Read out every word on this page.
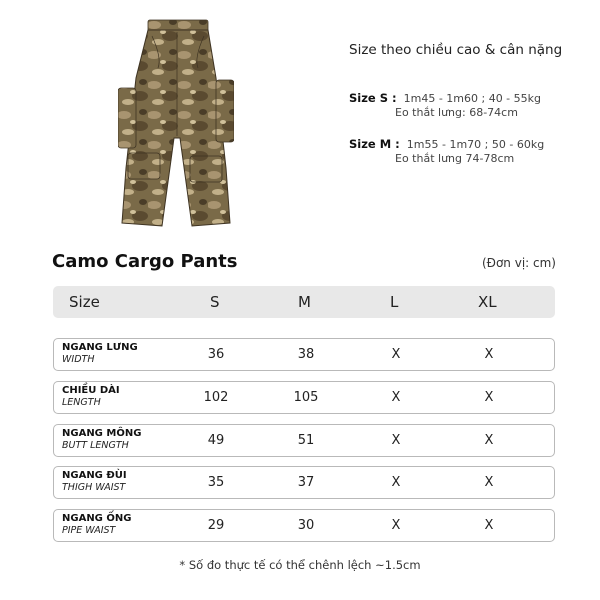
Size theo chiều cao & cân nặng
Size S : 1m45 - 1m60 ; 40 - 55kg
Eo thắt lưng: 68-74cm
Size M : 1m55 - 1m70 ; 50 - 60kg
Eo thắt lưng 74-78cm
Camo Cargo Pants	(Đơn vị: cm)
Size	S	M	L	XL
NGANG LƯNG
WIDTH	36	38	X	X
CHIỀU DÀI
LENGTH	102	105	X	X
NGANG MÔNG
BUTT LENGTH	49	51	X	X
NGANG ĐÙI
THIGH WAIST	35	37	X	X
NGANG ỐNG
PIPE WAIST	29	30	X	X
* Số đo thực tế có thể chênh lệch ~1.5cm
